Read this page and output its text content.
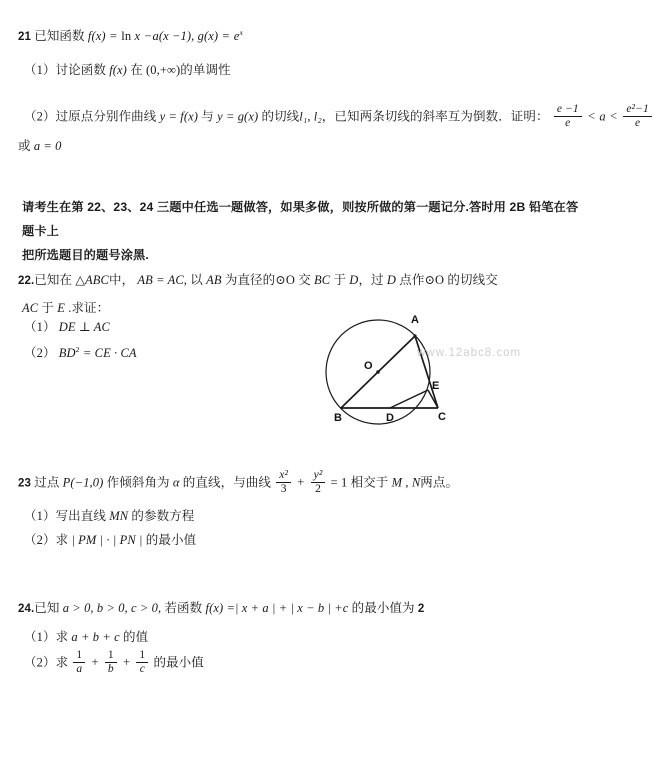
21 已知函数 f(x) = ln x −a(x −1), $g(x) = e^x$
（1）讨论函数 f(x) 在 (0,+∞)的单调性
（2）过原点分别作曲线 y = f(x) 与 y = g(x) 的切线l₁, l₂，已知两条切线的斜率互为倒数．证明： $\frac{e -1}{e} < a < \frac{\text{e²−1}}{e}$
或 a = 0
请考生在第 22、23、24 三题中任选一题做答，如果多做，则按所做的第一题记分.答时用 2B 铅笔在答题卡上
把所选题目的题号涂黑.
22.已知在 △ABC中， AB = AC, 以 AB 为直径的⊙O 交 BC 于 D，过 D 点作⊙O 的切线交
AC 于 E .求证：
（1） DE ⊥ AC
（2） $BD^2$ = CE · CA
A
O
B	D	C
E
www.12abc8.com
23 过点 P(−1,0) 作倾斜角为 α 的直线，与曲线 $\frac{\text{x²}}{3} + \frac{\text{y²}}{2} = 1$ 相交于 M , N两点。
（1）写出直线 MN 的参数方程
（2）求 | PM | · | PN | 的最小值
24.已知 a > 0, b > 0, c > 0, 若函数 f(x) =| x + a | + | x − b | +c 的最小值为 2
（1）求 a + b + c 的值
（2）求 $\frac{1}{a} + \frac{1}{b} + \frac{1}{c}$ 的最小值
